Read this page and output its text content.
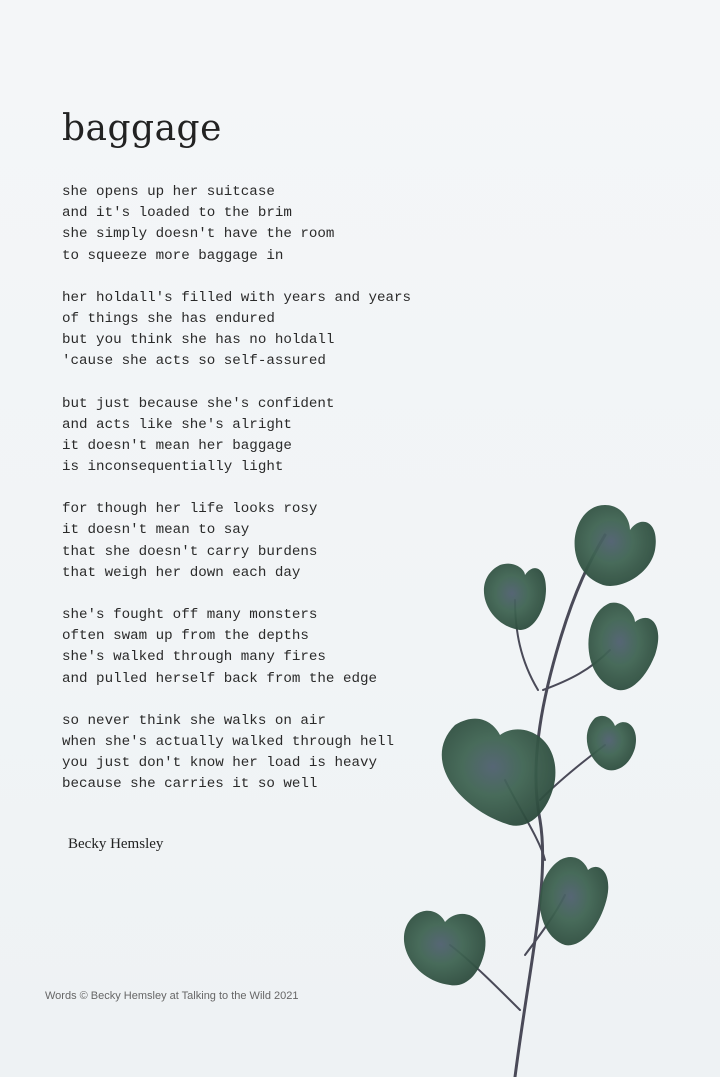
baggage
she opens up her suitcase
and it's loaded to the brim
she simply doesn't have the room
to squeeze more baggage in
her holdall's filled with years and years
of things she has endured
but you think she has no holdall
'cause she acts so self-assured
but just because she's confident
and acts like she's alright
it doesn't mean her baggage
is inconsequentially light
for though her life looks rosy
it doesn't mean to say
that she doesn't carry burdens
that weigh her down each day
she's fought off many monsters
often swam up from the depths
she's walked through many fires
and pulled herself back from the edge
so never think she walks on air
when she's actually walked through hell
you just don't know her load is heavy
because she carries it so well
Becky Hemsley
Words © Becky Hemsley at Talking to the Wild 2021
